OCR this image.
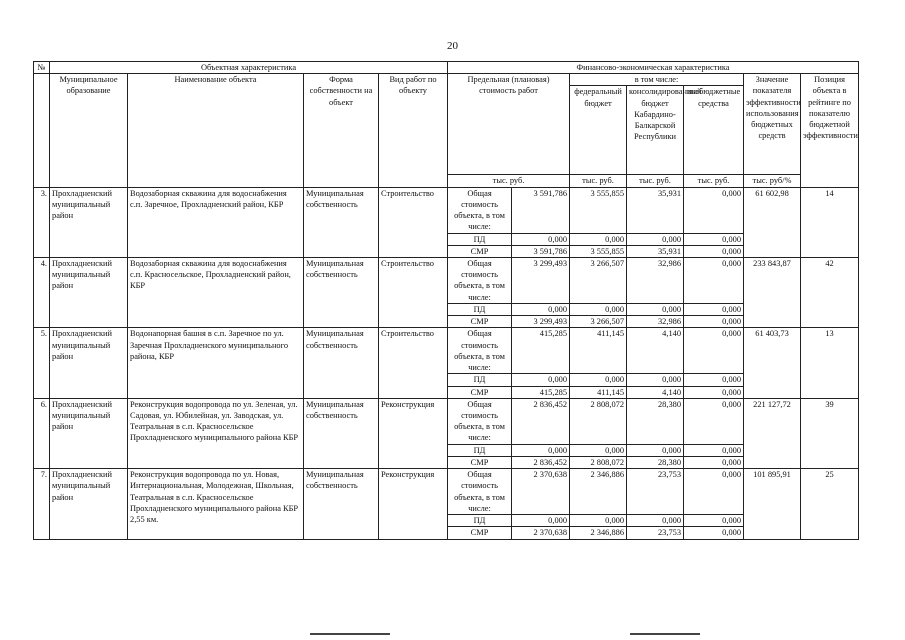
20
№	Объектная характеристика				Финансово-экономическая характеристика						
	Муниципальное образование	Наименование объекта	Форма собственности на объект	Вид работ по объекту	Предельная (плановая) стоимость работ		в том числе:			Значение показателя эффективности использования бюджетных средств	Позиция объекта в рейтинге по показателю бюджетной эффективности
							федеральный бюджет	консолидированный бюджет Кабардино-Балкарской Республики	внебюджетные средства		
					тыс. руб.		тыс. руб.	тыс. руб.	тыс. руб.	тыс. руб/%	
3.	Прохладненский муниципальный район	Водозаборная скважина для водоснабжения с.п. Заречное, Прохладненский район, КБР	Муниципальная собственность	Строительство	Общая стоимость объекта, в том числе:	3 591,786	3 555,855	35,931	0,000	61 602,98	14
					ПД	0,000	0,000	0,000	0,000		
					СМР	3 591,786	3 555,855	35,931	0,000		
4.	Прохладненский муниципальный район	Водозаборная скважина для водоснабжения с.п. Красносельское, Прохладненский район, КБР	Муниципальная собственность	Строительство	Общая стоимость объекта, в том числе:	3 299,493	3 266,507	32,986	0,000	233 843,87	42
					ПД	0,000	0,000	0,000	0,000		
					СМР	3 299,493	3 266,507	32,986	0,000		
5.	Прохладненский муниципальный район	Водонапорная башня в с.п. Заречное по ул. Заречная Прохладненского муниципального района, КБР	Муниципальная собственность	Строительство	Общая стоимость объекта, в том числе:	415,285	411,145	4,140	0,000	61 403,73	13
					ПД	0,000	0,000	0,000	0,000		
					СМР	415,285	411,145	4,140	0,000		
6.	Прохладненский муниципальный район	Реконструкция водопровода по ул. Зеленая, ул. Садовая, ул. Юбилейная, ул. Заводская, ул. Театральная в с.п. Красносельское Прохладненского муниципального района КБР	Муниципальная собственность	Реконструкция	Общая стоимость объекта, в том числе:	2 836,452	2 808,072	28,380	0,000	221 127,72	39
					ПД	0,000	0,000	0,000	0,000		
					СМР	2 836,452	2 808,072	28,380	0,000		
7.	Прохладненский муниципальный район	Реконструкция водопровода по ул. Новая, Интернациональная, Молодежная, Школьная, Театральная в с.п. Красносельское Прохладненского муниципального района КБР 2,55 км.	Муниципальная собственность	Реконструкция	Общая стоимость объекта, в том числе:	2 370,638	2 346,886	23,753	0,000	101 895,91	25
					ПД	0,000	0,000	0,000	0,000		
					СМР	2 370,638	2 346,886	23,753	0,000		
